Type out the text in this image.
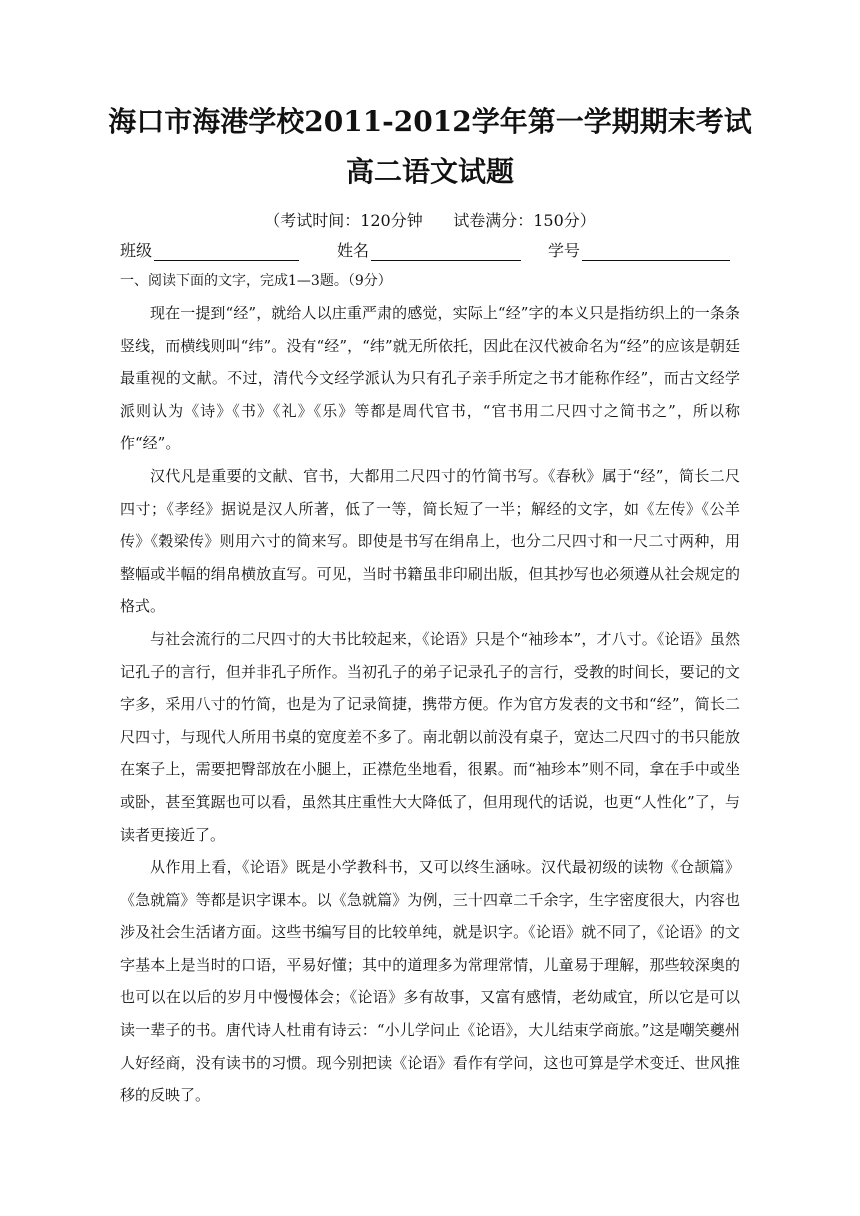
海口市海港学校2011-2012学年第一学期期末考试
高二语文试题
（考试时间：120分钟      试卷满分：150分）
班级	姓名	学号
一、阅读下面的文字，完成1—3题。（9分）

现在一提到“经”，就给人以庄重严肃的感觉，实际上“经”字的本义只是指纺织上的一条条竖线，而横线则叫“纬”。没有“经”，“纬”就无所依托，因此在汉代被命名为“经”的应该是朝廷最重视的文献。不过，清代今文经学派认为只有孔子亲手所定之书才能称作经”，而古文经学派则认为《诗》《书》《礼》《乐》等都是周代官书，“官书用二尺四寸之简书之”，所以称作“经”。

汉代凡是重要的文献、官书，大都用二尺四寸的竹简书写。《春秋》属于“经”，简长二尺四寸；《孝经》据说是汉人所著，低了一等，简长短了一半；解经的文字，如《左传》《公羊传》《穀梁传》则用六寸的简来写。即使是书写在绢帛上，也分二尺四寸和一尺二寸两种，用整幅或半幅的绢帛横放直写。可见，当时书籍虽非印刷出版，但其抄写也必须遵从社会规定的格式。

与社会流行的二尺四寸的大书比较起来，《论语》只是个“袖珍本”，才八寸。《论语》虽然记孔子的言行，但并非孔子所作。当初孔子的弟子记录孔子的言行，受教的时间长，要记的文字多，采用八寸的竹简，也是为了记录简捷，携带方便。作为官方发表的文书和“经”，简长二尺四寸，与现代人所用书桌的宽度差不多了。南北朝以前没有桌子，宽达二尺四寸的书只能放在案子上，需要把臀部放在小腿上，正襟危坐地看，很累。而“袖珍本”则不同，拿在手中或坐或卧，甚至箕踞也可以看，虽然其庄重性大大降低了，但用现代的话说，也更“人性化”了，与读者更接近了。

从作用上看，《论语》既是小学教科书，又可以终生涵咏。汉代最初级的读物《仓颉篇》《急就篇》等都是识字课本。以《急就篇》为例，三十四章二千余字，生字密度很大，内容也涉及社会生活诸方面。这些书编写目的比较单纯，就是识字。《论语》就不同了，《论语》的文字基本上是当时的口语，平易好懂；其中的道理多为常理常情，儿童易于理解，那些较深奥的也可以在以后的岁月中慢慢体会；《论语》多有故事，又富有感情，老幼咸宜，所以它是可以读一辈子的书。唐代诗人杜甫有诗云：“小儿学问止《论语》，大儿结束学商旅。”这是嘲笑夔州人好经商，没有读书的习惯。现今别把读《论语》看作有学问，这也可算是学术变迁、世风推移的反映了。
